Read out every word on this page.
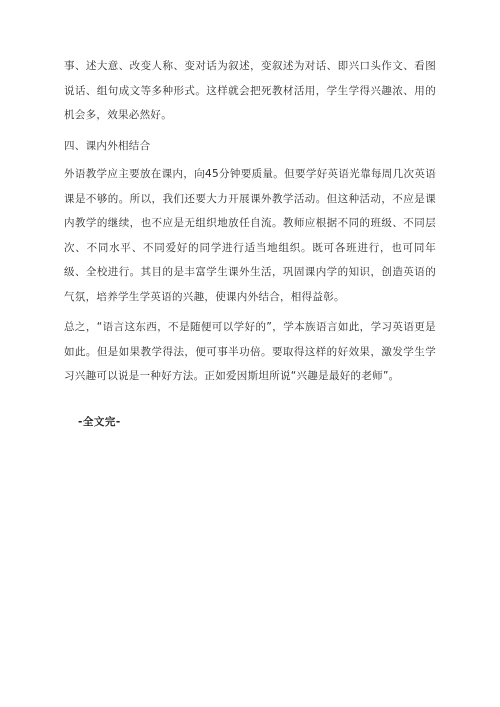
事、述大意、改变人称、变对话为叙述，变叙述为对话、即兴口头作文、看图说话、组句成文等多种形式。这样就会把死教材活用，学生学得兴趣浓、用的机会多，效果必然好。

四、课内外相结合

外语教学应主要放在课内，向45分钟要质量。但要学好英语光靠每周几次英语课是不够的。所以，我们还要大力开展课外教学活动。但这种活动，不应是课内教学的继续，也不应是无组织地放任自流。教师应根据不同的班级、不同层次、不同水平、不同爱好的同学进行适当地组织。既可各班进行，也可同年级、全校进行。其目的是丰富学生课外生活，巩固课内学的知识，创造英语的气氛，培养学生学英语的兴趣，使课内外结合，相得益彰。

总之，“语言这东西，不是随便可以学好的”，学本族语言如此，学习英语更是如此。但是如果教学得法，便可事半功倍。要取得这样的好效果，激发学生学习兴趣可以说是一种好方法。正如爱因斯坦所说“兴趣是最好的老师”。

-全文完-
